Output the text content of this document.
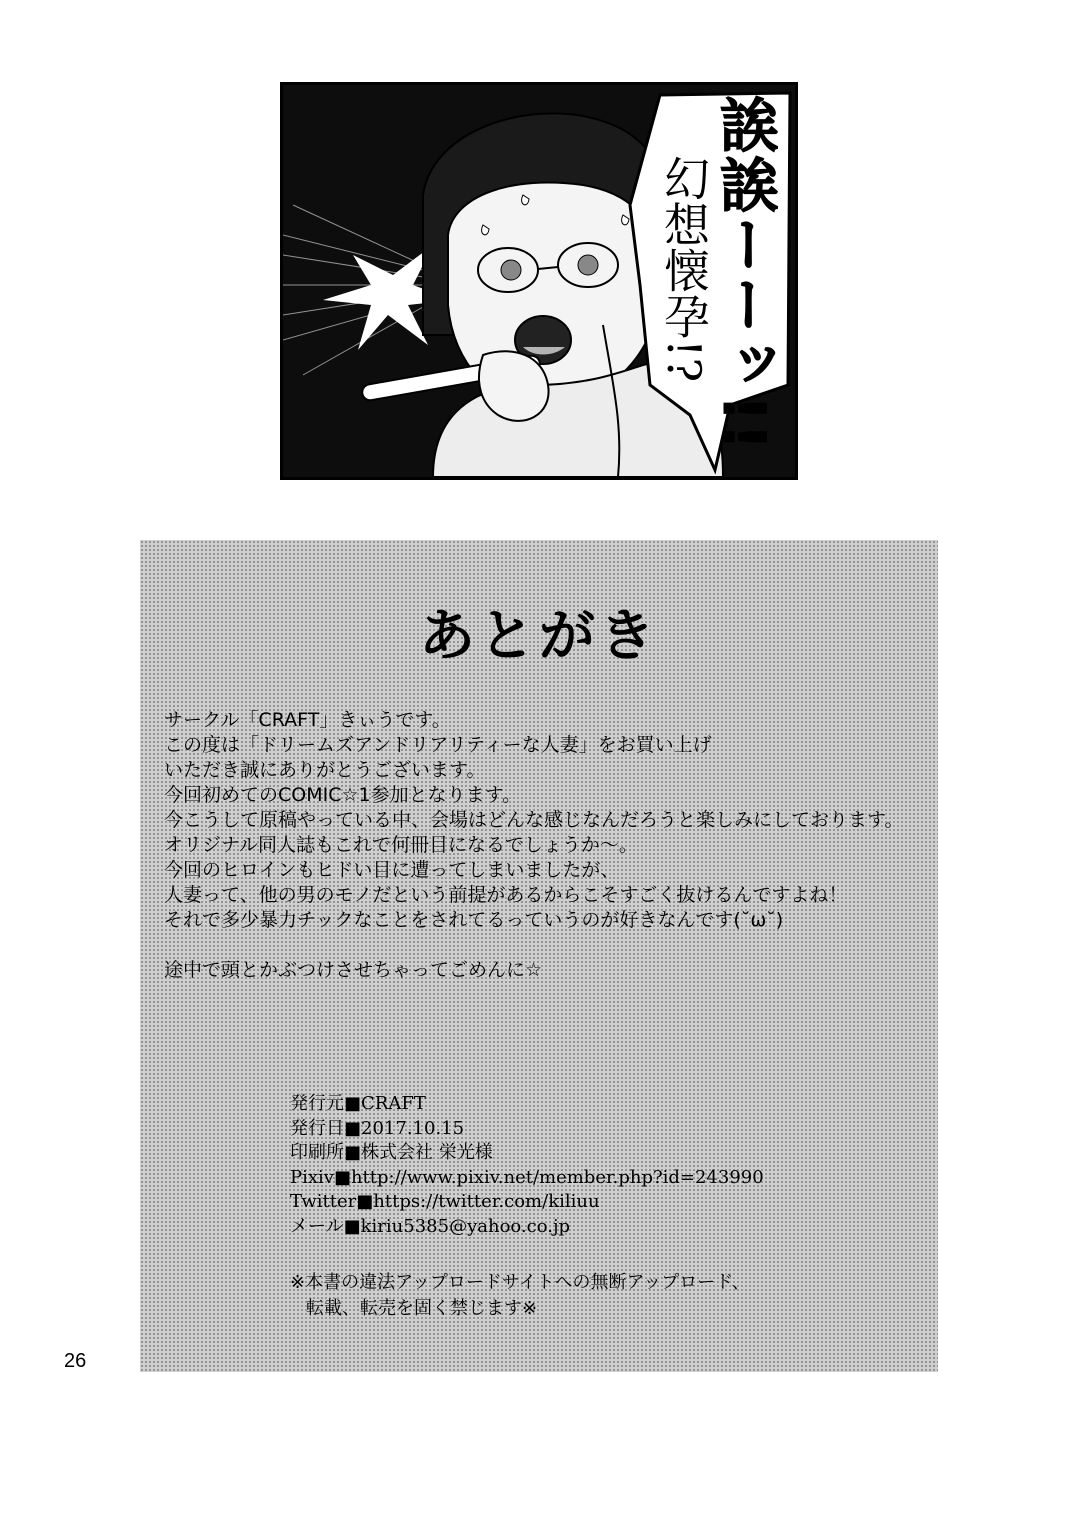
誒誒ーーッ!!
幻想懐孕!?
あとがき
サークル「CRAFT」きぃうです。
この度は「ドリームズアンドリアリティーな人妻」をお買い上げ
いただき誠にありがとうございます。
今回初めてのCOMIC☆1参加となります。
今こうして原稿やっている中、会場はどんな感じなんだろうと楽しみにしております。
オリジナル同人誌もこれで何冊目になるでしょうか〜。
今回のヒロインもヒドい目に遭ってしまいましたが、
人妻って、他の男のモノだという前提があるからこそすごく抜けるんですよね！
それで多少暴力チックなことをされてるっていうのが好きなんです(˘ω˘)
途中で頭とかぶつけさせちゃってごめんに☆
発行元■CRAFT
発行日■2017.10.15
印刷所■株式会社 栄光様
Pixiv■http://www.pixiv.net/member.php?id=243990
Twitter■https://twitter.com/kiliuu
メール■kiriu5385@yahoo.co.jp
※本書の違法アップロードサイトへの無断アップロード、
転載、転売を固く禁じます※
26
